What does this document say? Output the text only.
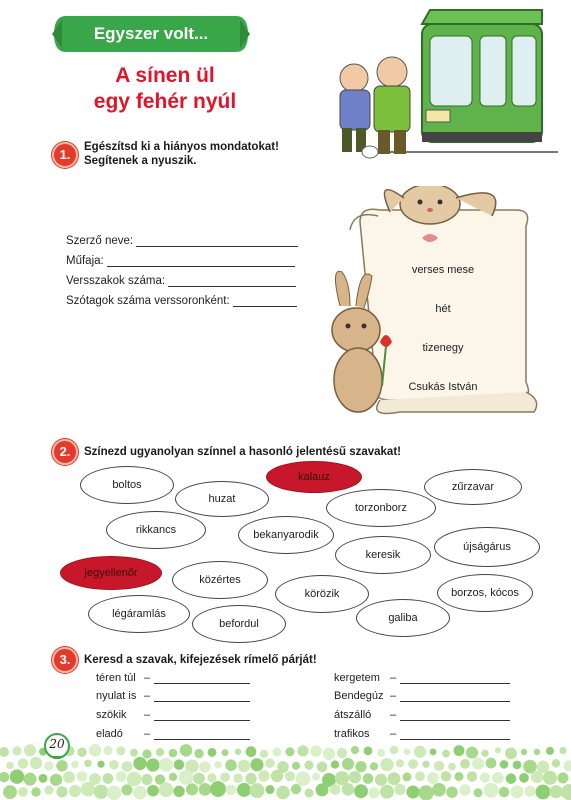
Egyszer volt...
A sínen ül
egy fehér nyúl
1.	Egészítsd ki a hiányos mondatokat!
Segítenek a nyuszik.
Szerző neve:
Műfaja:
Versszakok száma:
Szótagok száma verssoronként:
verses mese
hét
tizenegy
Csukás István
2.	Színezd ugyanolyan színnel a hasonló jelentésű szavakat!
boltos
huzat
kalauz
torzonborz
zűrzavar
rikkancs	bekanyarodik
keresik
újságárus
jegyellenőr
közértes
körözik	borzos, kócos
légáramlás
befordul	galiba
3.	Keresd a szavak, kifejezések rímelő párját!
téren túl –
nyulat is –
szökik	–
eladó	–
kergetem –
Bendegúz –
átszálló	–
trafikos	–
20
